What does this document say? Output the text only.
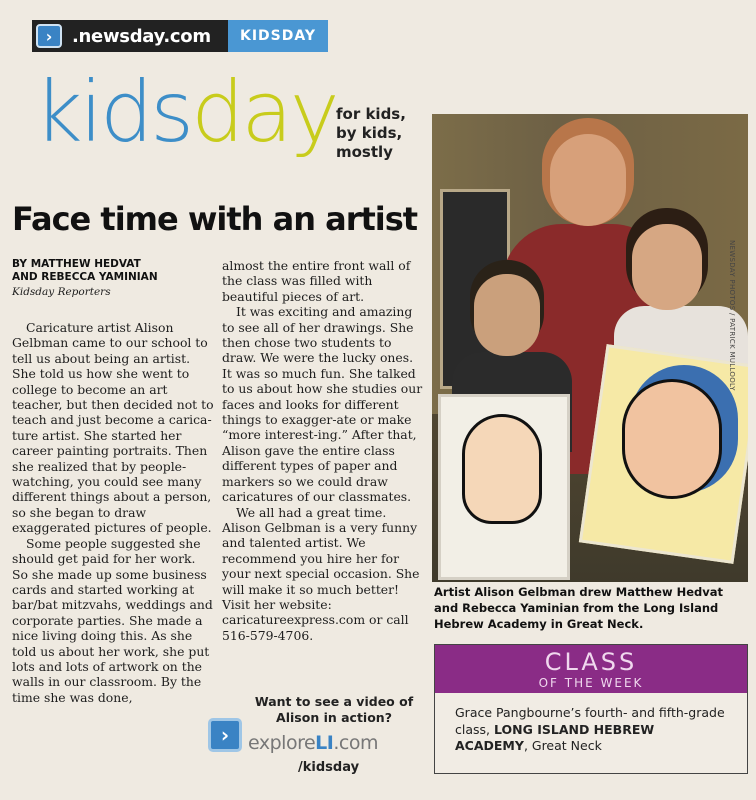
›	.newsday.com	KIDSDAY
kidsday for kids, by kids, mostly
Face time with an artist
BY MATTHEW HEDVAT
AND REBECCA YAMINIAN
Kidsday Reporters

Caricature artist Alison Gelbman came to our school to tell us about being an artist. She told us how she went to college to become an art teacher, but then decided not to teach and just become a carica-ture artist. She started her career painting portraits. Then she realized that by people-watching, you could see many different things about a person, so she began to draw exaggerated pictures of people.

Some people suggested she should get paid for her work. So she made up some business cards and started working at bar/bat mitzvahs, weddings and corporate parties. She made a nice living doing this. As she told us about her work, she put lots and lots of artwork on the walls in our classroom. By the time she was done,

almost the entire front wall of the class was filled with beautiful pieces of art.

It was exciting and amazing to see all of her drawings. She then chose two students to draw. We were the lucky ones. It was so much fun. She talked to us about how she studies our faces and looks for different things to exagger-ate or make “more interest-ing.” After that, Alison gave the entire class different types of paper and markers so we could draw caricatures of our classmates.

We all had a great time. Alison Gelbman is a very funny and talented artist. We recommend you hire her for your next special occasion. She will make it so much better! Visit her website: caricatureexpress.com or call 516-579-4706.

Want to see a video of Alison in action?
› exploreLI.com
/kidsday
NEWSDAY PHOTOS / PATRICK MULLOOLY
Artist Alison Gelbman drew Matthew Hedvat and Rebecca Yaminian from the Long Island Hebrew Academy in Great Neck.
CLASS
OF THE WEEK
Grace Pangbourne’s fourth- and fifth-grade class, LONG ISLAND HEBREW ACADEMY, Great Neck
